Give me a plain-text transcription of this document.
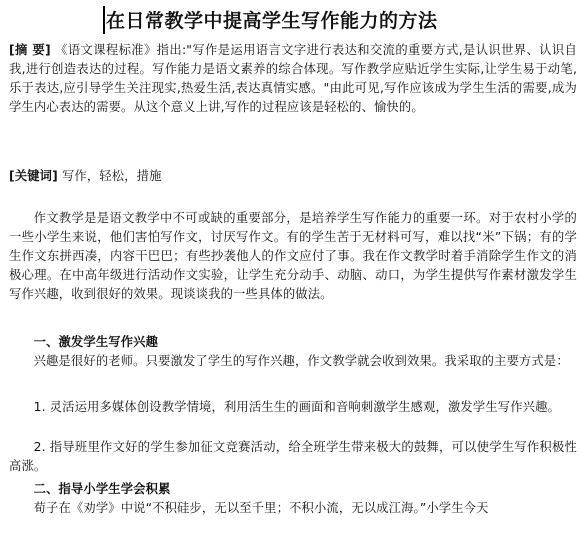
在日常教学中提高学生写作能力的方法
[摘 要] 《语文课程标准》指出:"写作是运用语言文字进行表达和交流的重要方式,是认识世界、认识自我,进行创造表达的过程。写作能力是语文素养的综合体现。写作教学应贴近学生实际,让学生易于动笔,乐于表达,应引导学生关注现实,热爱生活,表达真情实感。"由此可见,写作应该成为学生生活的需要,成为学生内心表达的需要。从这个意义上讲,写作的过程应该是轻松的、愉快的。
[关键词] 写作，轻松，措施
作文教学是是语文教学中不可或缺的重要部分，是培养学生写作能力的重要一环。对于农村小学的一些小学生来说，他们害怕写作文，讨厌写作文。有的学生苦于无材料可写，难以找“米”下锅；有的学生作文东拼西凑，内容干巴巴；有些抄袭他人的作文应付了事。我在作文教学时着手消除学生作文的消极心理。在中高年级进行活动作文实验，让学生充分动手、动脑、动口，为学生提供写作素材激发学生写作兴趣，收到很好的效果。现谈谈我的一些具体的做法。
一、激发学生写作兴趣
兴趣是很好的老师。只要激发了学生的写作兴趣，作文教学就会收到效果。我采取的主要方式是：
1. 灵活运用多媒体创设教学情境，利用活生生的画面和音响刺激学生感观，激发学生写作兴趣。
2. 指导班里作文好的学生参加征文竞赛活动，给全班学生带来极大的鼓舞，可以使学生写作积极性高涨。
二、指导小学生学会积累
荀子在《劝学》中说“不积硅步，无以至千里；不积小流，无以成江海。”小学生今天
